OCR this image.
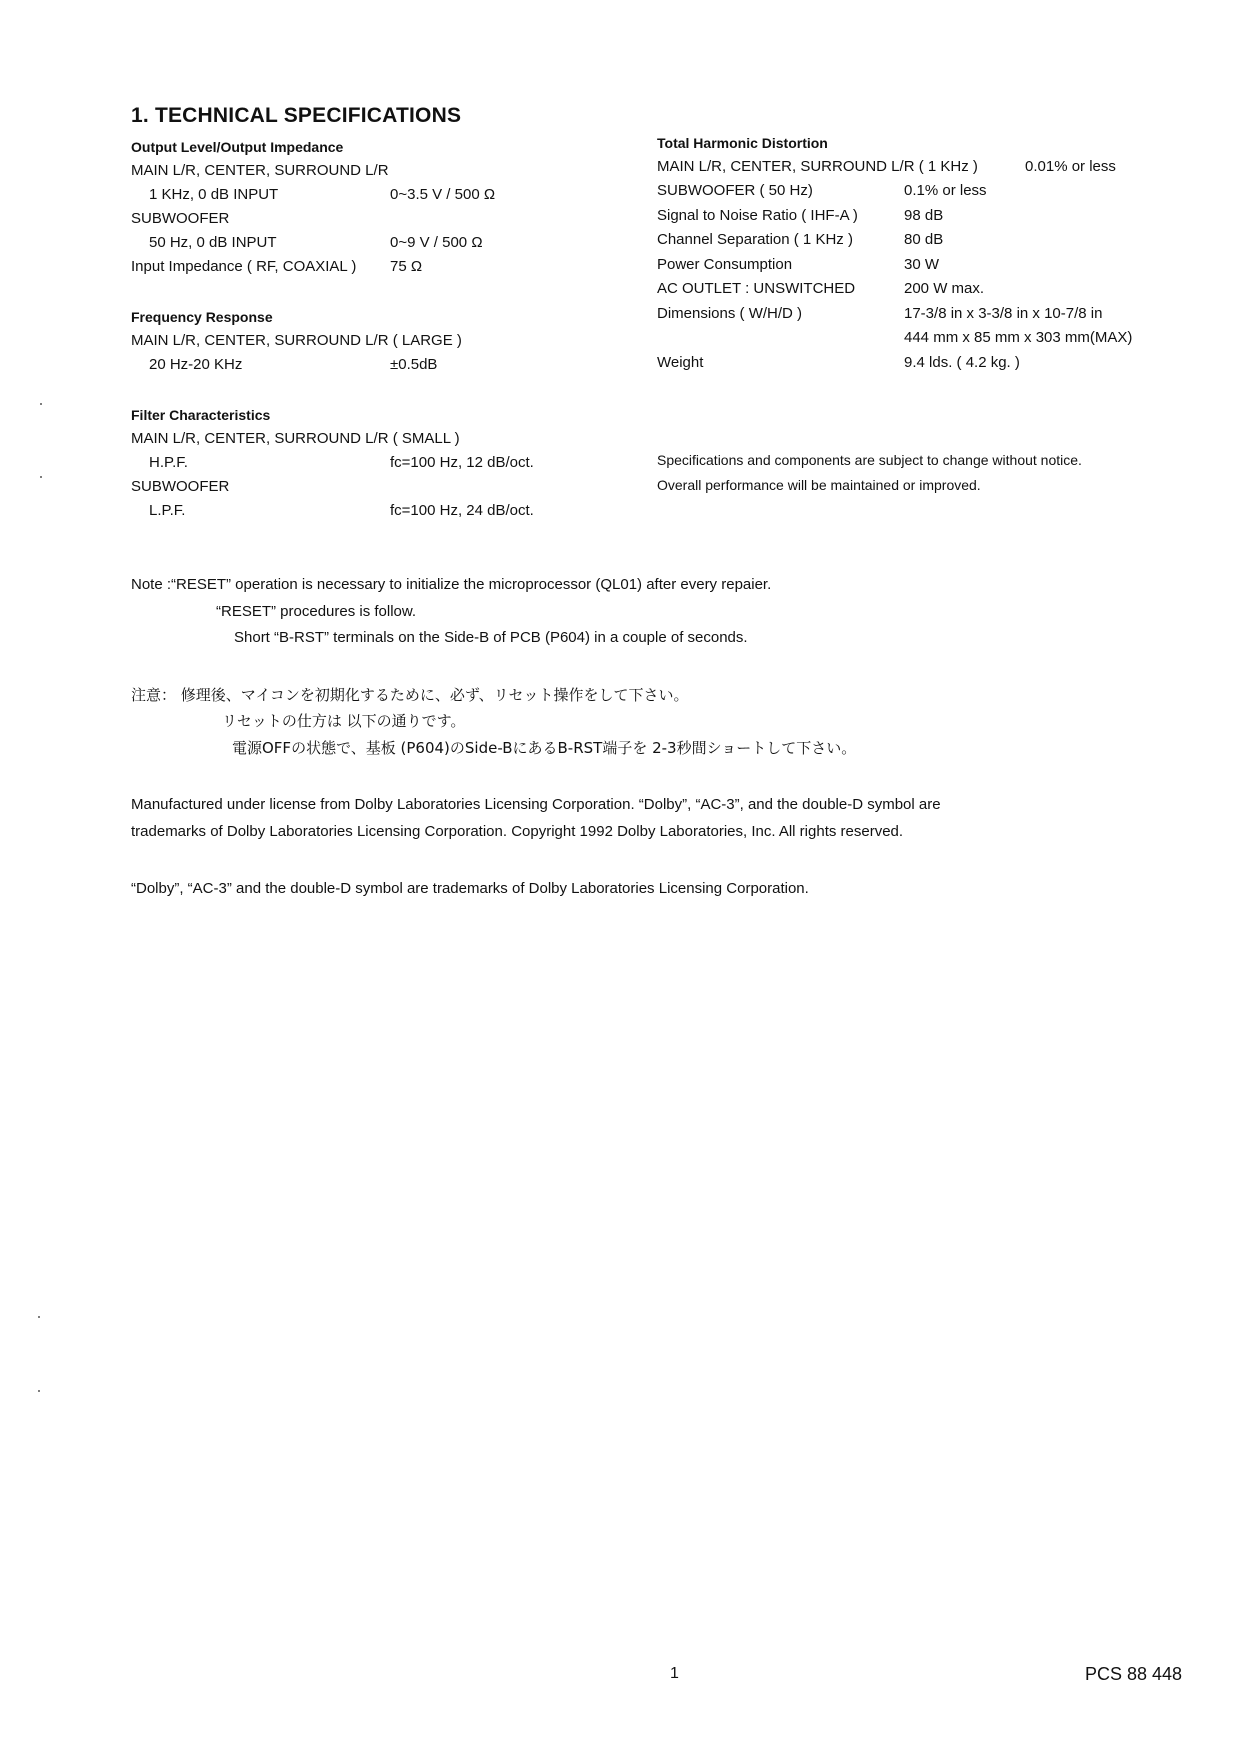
1. TECHNICAL SPECIFICATIONS
Output Level/Output Impedance
MAIN L/R, CENTER, SURROUND L/R
1 KHz, 0 dB INPUT	0~3.5 V / 500 Ω
SUBWOOFER
50 Hz, 0 dB INPUT	0~9 V / 500 Ω
Input Impedance ( RF, COAXIAL ) 75 Ω
Frequency Response
MAIN L/R, CENTER, SURROUND L/R ( LARGE )
20 Hz-20 KHz	±0.5dB
Filter Characteristics
MAIN L/R, CENTER, SURROUND L/R ( SMALL )
H.P.F.	fc=100 Hz, 12 dB/oct.
SUBWOOFER
L.P.F.	fc=100 Hz, 24 dB/oct.
Total Harmonic Distortion
MAIN L/R, CENTER, SURROUND L/R ( 1 KHz )	0.01% or less
SUBWOOFER ( 50 Hz)	0.1% or less
Signal to Noise Ratio ( IHF-A )	98 dB
Channel Separation ( 1 KHz )	80 dB
Power Consumption	30 W
AC OUTLET : UNSWITCHED	200 W max.
Dimensions ( W/H/D )	17-3/8 in x 3-3/8 in x 10-7/8 in
444 mm x 85 mm x 303 mm(MAX)
Weight	9.4 lds. ( 4.2 kg. )
Specifications and components are subject to change without notice.
Overall performance will be maintained or improved.
Note :“RESET” operation is necessary to initialize the microprocessor (QL01) after every repaier.
“RESET” procedures is follow.
Short “B-RST” terminals on the Side-B of PCB (P604) in a couple of seconds.
注意： 修理後、マイコンを初期化するために、必ず、リセット操作をして下さい。
リセットの仕方は 以下の通りです。
電源OFFの状態で、基板 (P604)のSide-BにあるB-RST端子を 2-3秒間ショートして下さい。
Manufactured under license from Dolby Laboratories Licensing Corporation. “Dolby”, “AC-3”, and the double-D symbol are
trademarks of Dolby Laboratories Licensing Corporation. Copyright 1992 Dolby Laboratories, Inc. All rights reserved.
“Dolby”, “AC-3” and the double-D symbol are trademarks of Dolby Laboratories Licensing Corporation.
1	PCS 88 448
